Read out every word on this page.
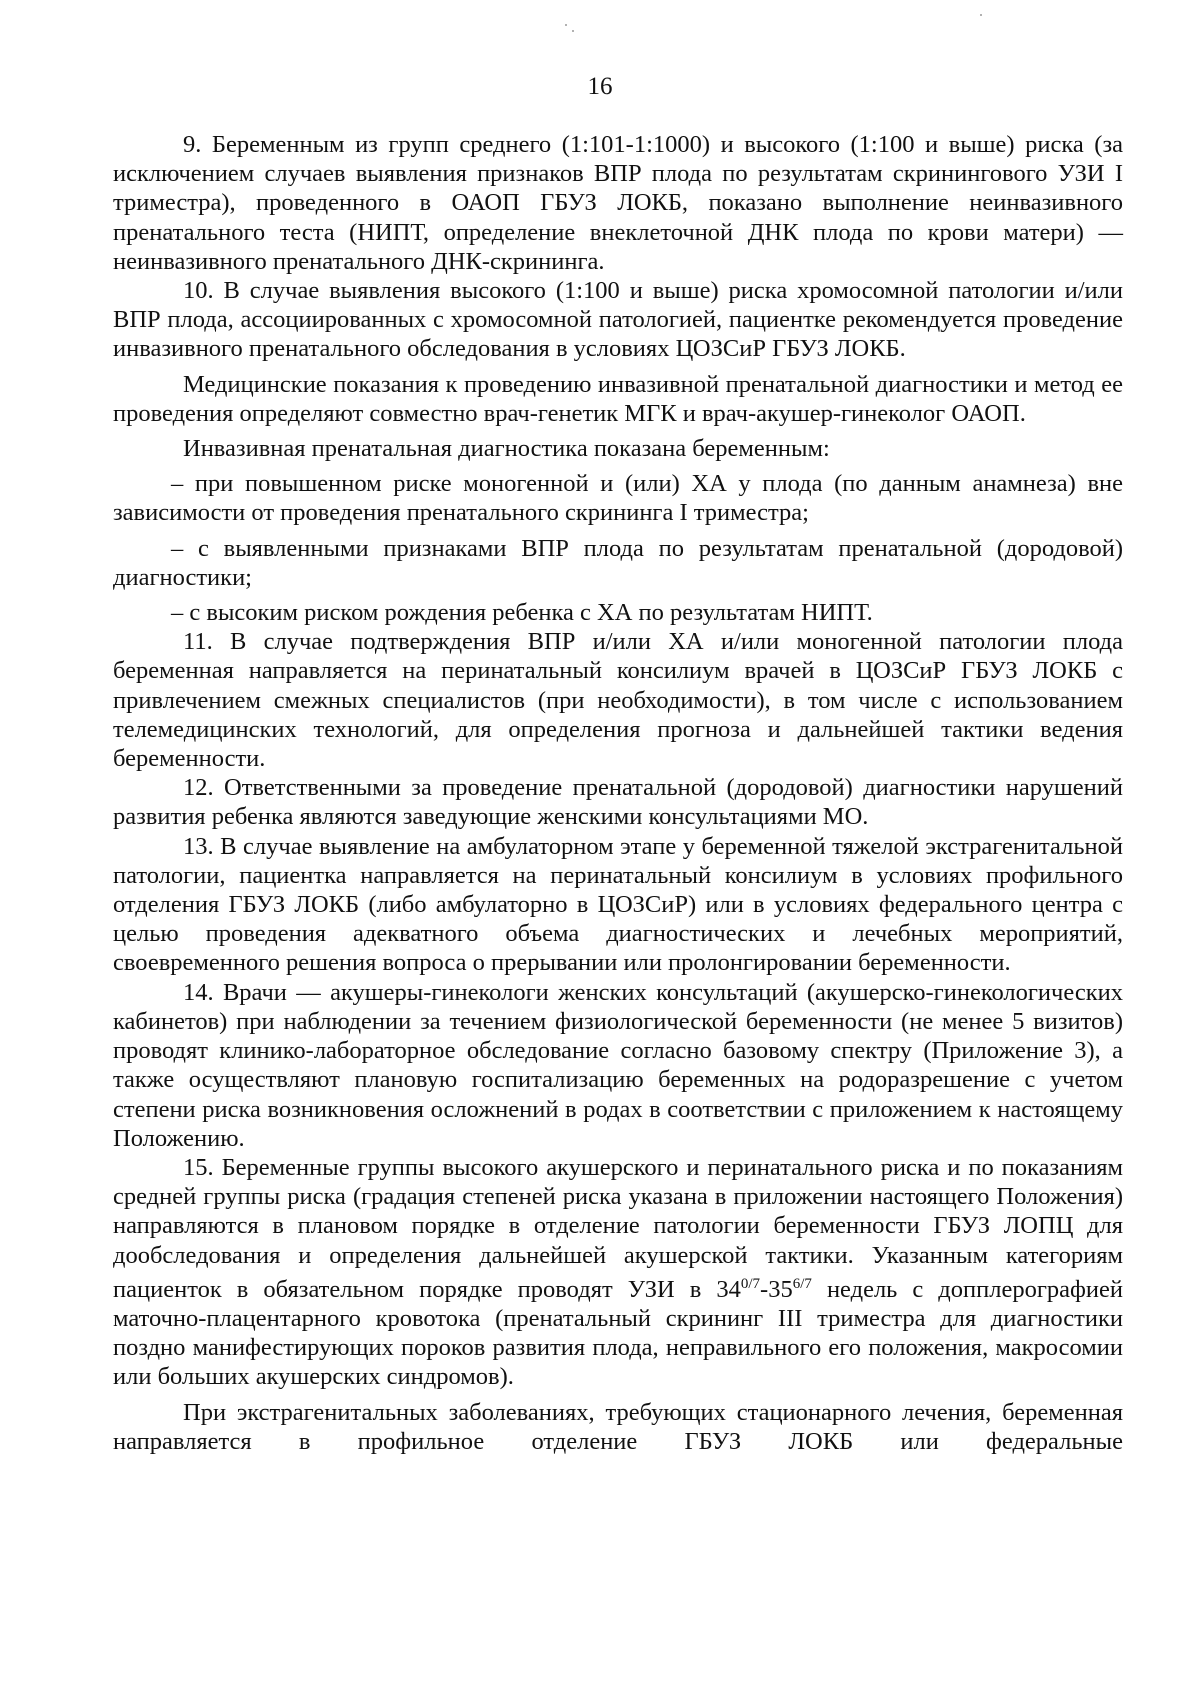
16

9. Беременным из групп среднего (1:101-1:1000) и высокого (1:100 и выше) риска (за исключением случаев выявления признаков ВПР плода по результатам скринингового УЗИ I триместра), проведенного в ОАОП ГБУЗ ЛОКБ, показано выполнение неинвазивного пренатального теста (НИПТ, определение внеклеточной ДНК плода по крови матери) — неинвазивного пренатального ДНК-скрининга.

10. В случае выявления высокого (1:100 и выше) риска хромосомной патологии и/или ВПР плода, ассоциированных с хромосомной патологией, пациентке рекомендуется проведение инвазивного пренатального обследования в условиях ЦОЗСиР ГБУЗ ЛОКБ.

Медицинские показания к проведению инвазивной пренатальной диагностики и метод ее проведения определяют совместно врач-генетик МГК и врач-акушер-гинеколог ОАОП.

Инвазивная пренатальная диагностика показана беременным:

– при повышенном риске моногенной и (или) ХА у плода (по данным анамнеза) вне зависимости от проведения пренатального скрининга I триместра;

– с выявленными признаками ВПР плода по результатам пренатальной (дородовой) диагностики;

– с высоким риском рождения ребенка с ХА по результатам НИПТ.

11. В случае подтверждения ВПР и/или ХА и/или моногенной патологии плода беременная направляется на перинатальный консилиум врачей в ЦОЗСиР ГБУЗ ЛОКБ с привлечением смежных специалистов (при необходимости), в том числе с использованием телемедицинских технологий, для определения прогноза и дальнейшей тактики ведения беременности.

12. Ответственными за проведение пренатальной (дородовой) диагностики нарушений развития ребенка являются заведующие женскими консультациями МО.

13. В случае выявление на амбулаторном этапе у беременной тяжелой экстрагенитальной патологии, пациентка направляется на перинатальный консилиум в условиях профильного отделения ГБУЗ ЛОКБ (либо амбулаторно в ЦОЗСиР) или в условиях федерального центра с целью проведения адекватного объема диагностических и лечебных мероприятий, своевременного решения вопроса о прерывании или пролонгировании беременности.

14. Врачи — акушеры-гинекологи женских консультаций (акушерско-гинекологических кабинетов) при наблюдении за течением физиологической беременности (не менее 5 визитов) проводят клинико-лабораторное обследование согласно базовому спектру (Приложение 3), а также осуществляют плановую госпитализацию беременных на родоразрешение с учетом степени риска возникновения осложнений в родах в соответствии с приложением к настоящему Положению.

15. Беременные группы высокого акушерского и перинатального риска и по показаниям средней группы риска (градация степеней риска указана в приложении настоящего Положения) направляются в плановом порядке в отделение патологии беременности ГБУЗ ЛОПЦ для дообследования и определения дальнейшей акушерской тактики. Указанным категориям пациенток в обязательном порядке проводят УЗИ в $34^{0/7}-35^{6/7}$ недель с допплерографией маточно-плацентарного кровотока (пренатальный скрининг III триместра для диагностики поздно манифестирующих пороков развития плода, неправильного его положения, макросомии или больших акушерских синдромов).

При экстрагенитальных заболеваниях, требующих стационарного лечения, беременная направляется в профильное отделение ГБУЗ ЛОКБ или федеральные
